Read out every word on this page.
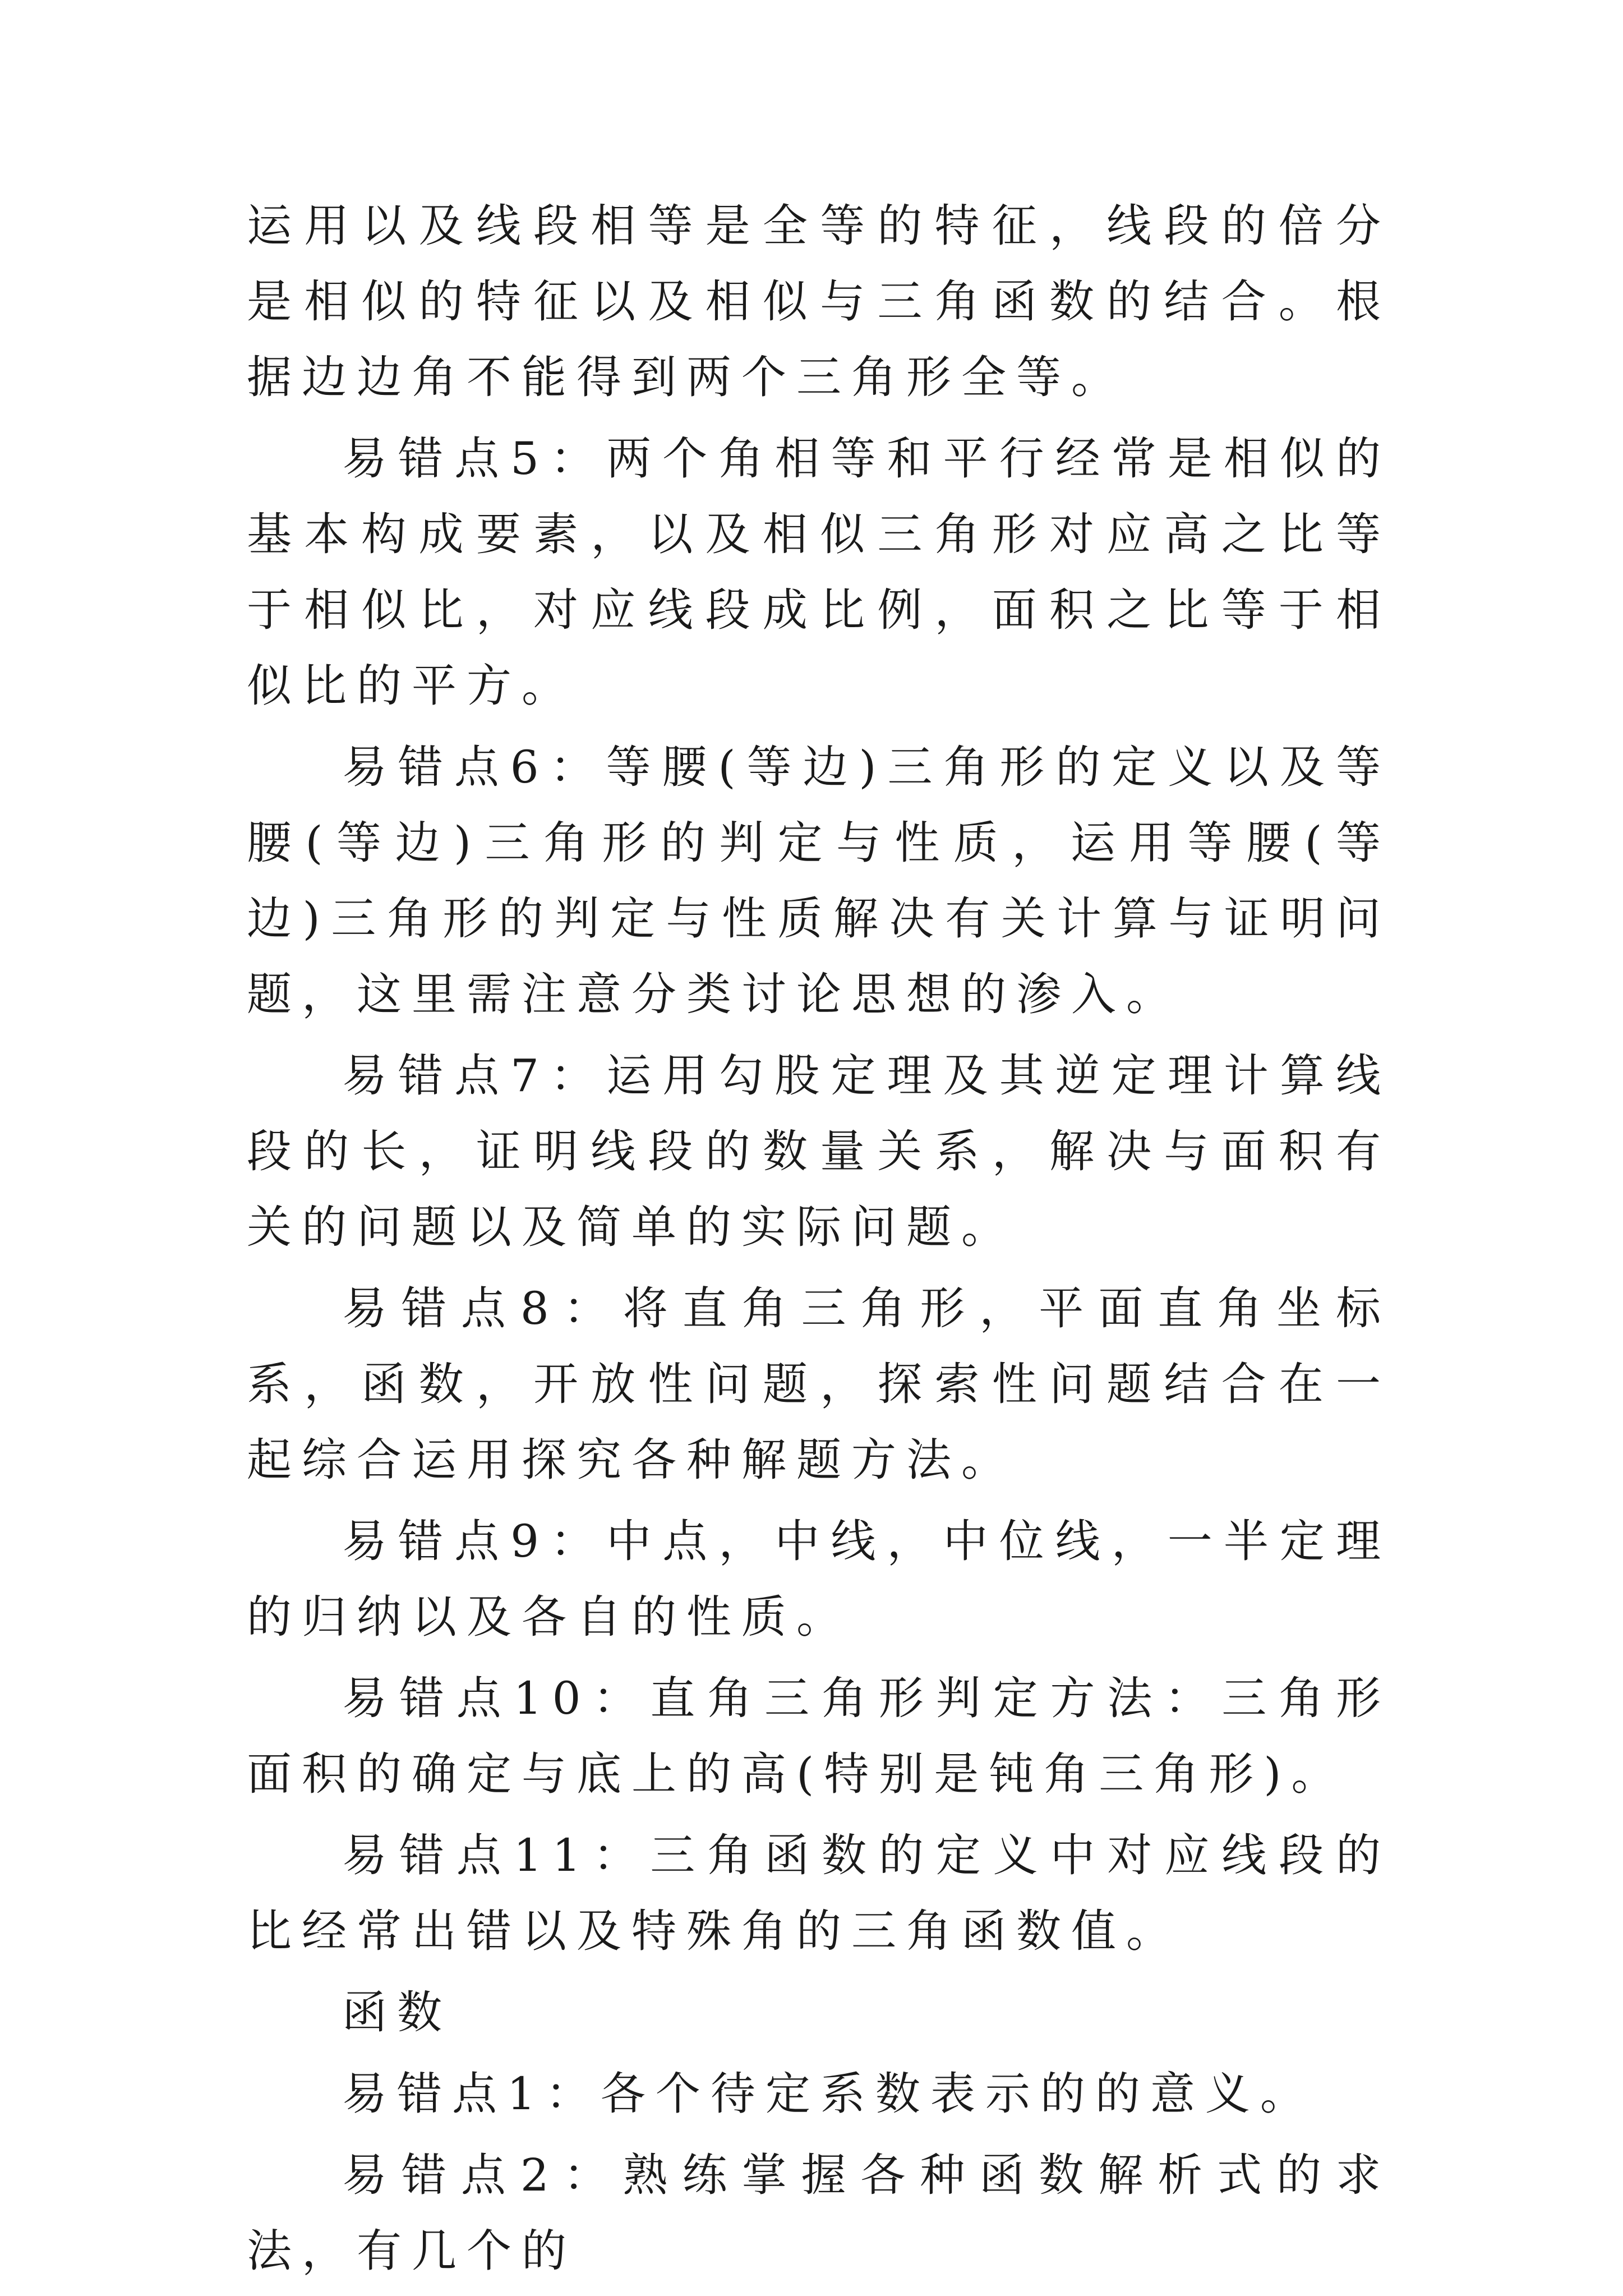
运用以及线段相等是全等的特征，线段的倍分是相似的特征以及相似与三角函数的结合。根据边边角不能得到两个三角形全等。

易错点5：两个角相等和平行经常是相似的基本构成要素，以及相似三角形对应高之比等于相似比，对应线段成比例，面积之比等于相似比的平方。

易错点6：等腰(等边)三角形的定义以及等腰(等边)三角形的判定与性质，运用等腰(等边)三角形的判定与性质解决有关计算与证明问题，这里需注意分类讨论思想的渗入。

易错点7：运用勾股定理及其逆定理计算线段的长，证明线段的数量关系，解决与面积有关的问题以及简单的实际问题。

易错点8：将直角三角形，平面直角坐标系，函数，开放性问题，探索性问题结合在一起综合运用探究各种解题方法。

易错点9：中点，中线，中位线，一半定理的归纳以及各自的性质。

易错点10：直角三角形判定方法：三角形面积的确定与底上的高(特别是钝角三角形)。

易错点11：三角函数的定义中对应线段的比经常出错以及特殊角的三角函数值。

函数

易错点1：各个待定系数表示的的意义。

易错点2：熟练掌握各种函数解析式的求法，有几个的
